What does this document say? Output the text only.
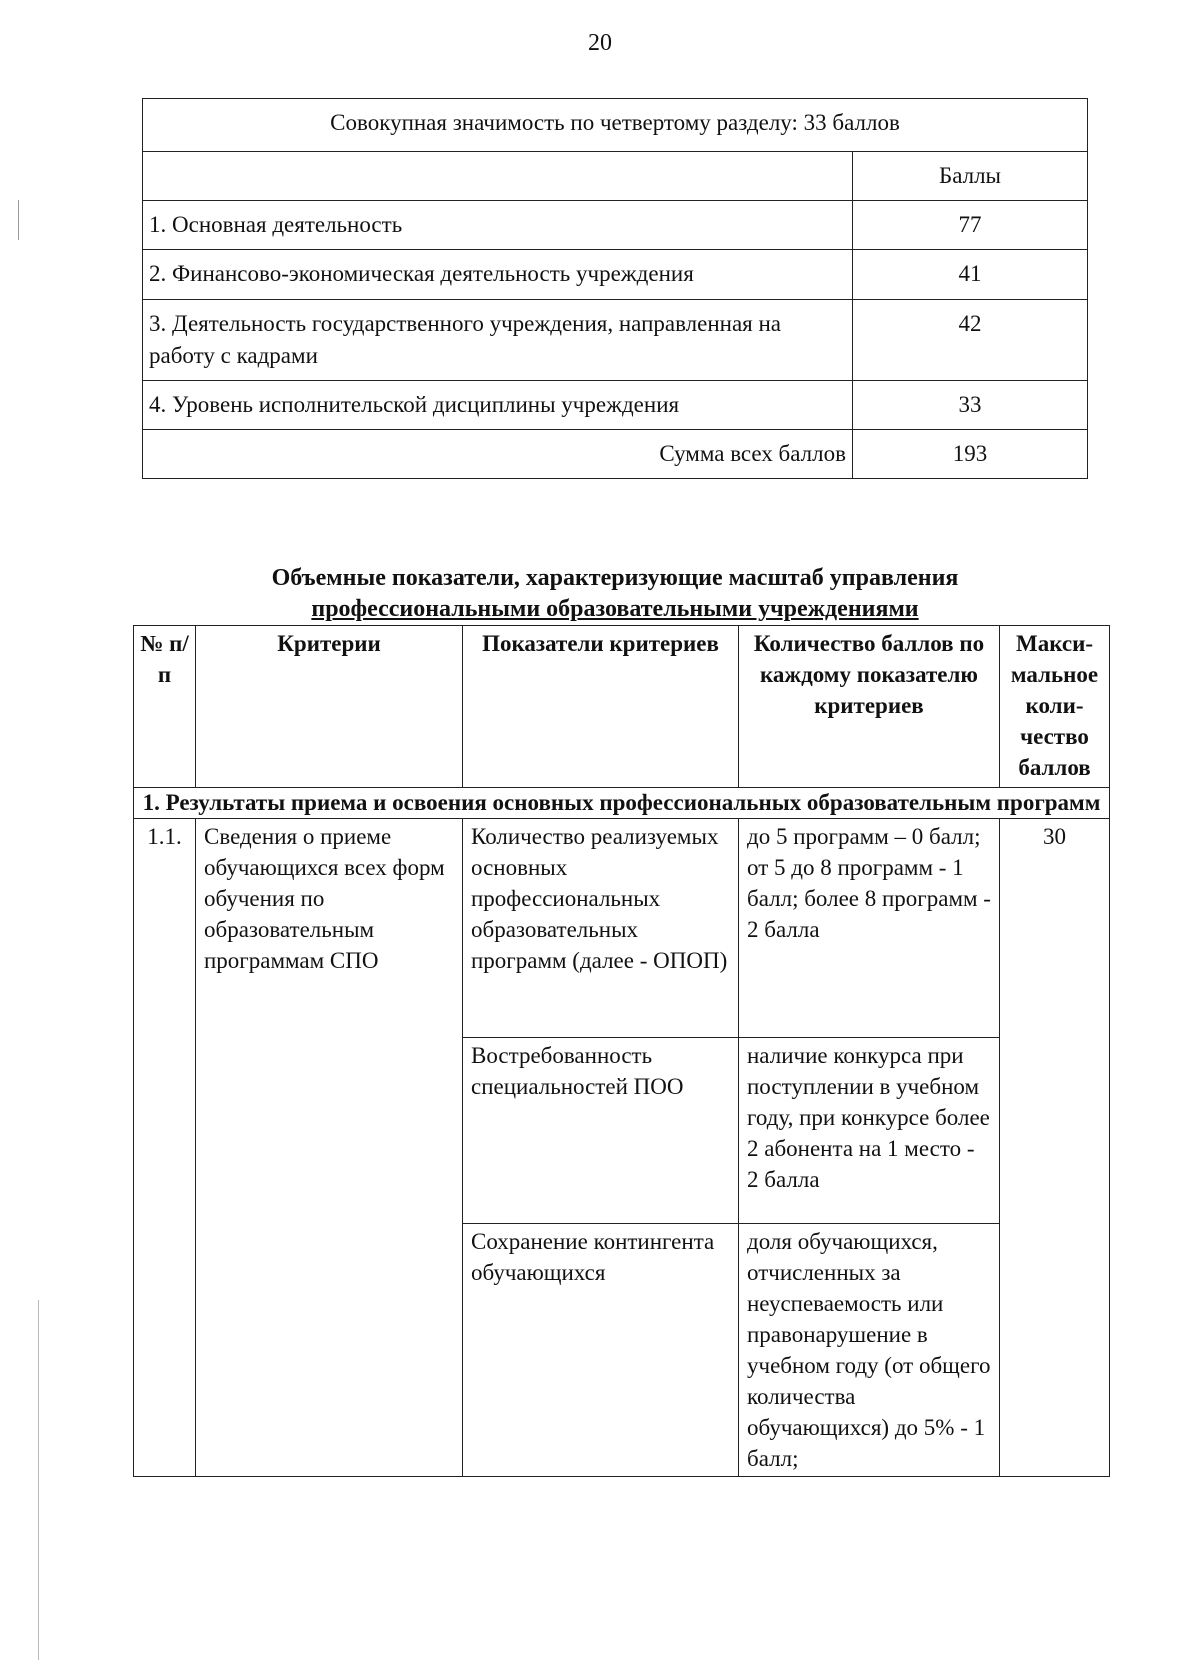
20
Совокупная значимость по четвертому разделу: 33 баллов	
	Баллы
1. Основная деятельность	77
2. Финансово-экономическая деятельность учреждения	41
3. Деятельность государственного учреждения, направленная на работу с кадрами	42
4. Уровень исполнительской дисциплины учреждения	33
Сумма всех баллов	193
Объемные показатели, характеризующие масштаб управления
профессиональными образовательными учреждениями
№ п/п	Критерии	Показатели критериев	Количество баллов по каждому показателю критериев	Макси-мальное коли-чество баллов
1. Результаты приема и освоения основных профессиональных образовательным программ				
1.1.	Сведения о приеме обучающихся всех форм обучения по образовательным программам СПО	Количество реализуемых основных профессиональных образовательных программ (далее - ОПОП)	до 5 программ – 0 балл; от 5 до 8 программ - 1 балл; более 8 программ - 2 балла	30
		Востребованность специальностей ПОО	наличие конкурса при поступлении в учебном году, при конкурсе более 2 абонента на 1 место - 2 балла	
		Сохранение контингента обучающихся	доля обучающихся, отчисленных за неуспеваемость или правонарушение в учебном году (от общего количества обучающихся) до 5% - 1 балл;	
